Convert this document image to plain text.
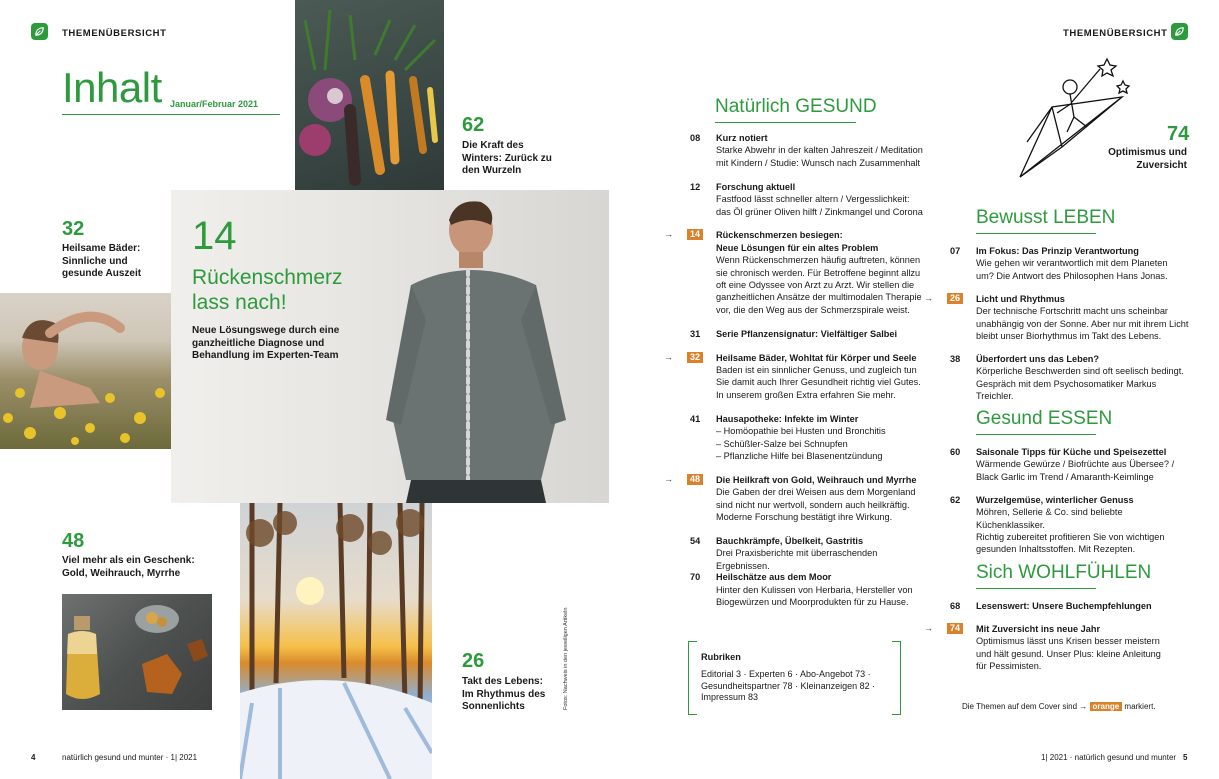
THEMENÜBERSICHT
Inhalt Januar/Februar 2021
62
Die Kraft des
Winters: Zurück zu
den Wurzeln
32
Heilsame Bäder:
Sinnliche und
gesunde Auszeit
14
Rückenschmerz
lass nach!
Neue Lösungswege durch eine
ganzheitliche Diagnose und
Behandlung im Experten-Team
48
Viel mehr als ein Geschenk:
Gold, Weihrauch, Myrrhe
26
Takt des Lebens:
Im Rhythmus des
Sonnenlichts	Fotos: Nachweis in den jeweiligen Artikeln
4	natürlich gesund und munter · 1| 2021
Natürlich GESUND
08	Kurz notiert
Starke Abwehr in der kalten Jahreszeit / Meditation
mit Kindern / Studie: Wunsch nach Zusammenhalt
12	Forschung aktuell
Fastfood lässt schneller altern / Vergesslichkeit:
das Öl grüner Oliven hilft / Zinkmangel und Corona
→	14	Rückenschmerzen besiegen:
Neue Lösungen für ein altes Problem
Wenn Rückenschmerzen häufig auftreten, können
sie chronisch werden. Für Betroffene beginnt allzu
oft eine Odyssee von Arzt zu Arzt. Wir stellen die
ganzheitlichen Ansätze der multimodalen Therapie
vor, die den Weg aus der Schmerzspirale weist.
31	Serie Pflanzensignatur: Vielfältiger Salbei
→	32	Heilsame Bäder, Wohltat für Körper und Seele
Baden ist ein sinnlicher Genuss, und zugleich tun
Sie damit auch Ihrer Gesundheit richtig viel Gutes.
In unserem großen Extra erfahren Sie mehr.
41	Hausapotheke: Infekte im Winter
– Homöopathie bei Husten und Bronchitis
– Schüßler-Salze bei Schnupfen
– Pflanzliche Hilfe bei Blasenentzündung
→	48	Die Heilkraft von Gold, Weihrauch und Myrrhe
Die Gaben der drei Weisen aus dem Morgenland
sind nicht nur wertvoll, sondern auch heilkräftig.
Moderne Forschung bestätigt ihre Wirkung.
54	Bauchkrämpfe, Übelkeit, Gastritis
Drei Praxisberichte mit überraschenden Ergebnissen.
70	Heilschätze aus dem Moor
Hinter den Kulissen von Herbaria, Hersteller von
Biogewürzen und Moorprodukten für zu Hause.
Rubriken
Editorial 3 · Experten 6 · Abo-Angebot 73 ·
Gesundheitspartner 78 · Kleinanzeigen 82 ·
Impressum 83
THEMENÜBERSICHT
74
Optimismus und
Zuversicht
Bewusst LEBEN
07	Im Fokus: Das Prinzip Verantwortung
Wie gehen wir verantwortlich mit dem Planeten
um? Die Antwort des Philosophen Hans Jonas.
→	26	Licht und Rhythmus
Der technische Fortschritt macht uns scheinbar
unabhängig von der Sonne. Aber nur mit ihrem Licht
bleibt unser Biorhythmus im Takt des Lebens.
38	Überfordert uns das Leben?
Körperliche Beschwerden sind oft seelisch bedingt.
Gespräch mit dem Psychosomatiker Markus Treichler.
Gesund ESSEN
60	Saisonale Tipps für Küche und Speisezettel
Wärmende Gewürze / Biofrüchte aus Übersee? /
Black Garlic im Trend / Amaranth-Keimlinge
62	Wurzelgemüse, winterlicher Genuss
Möhren, Sellerie & Co. sind beliebte Küchenklassiker.
Richtig zubereitet profitieren Sie von wichtigen
gesunden Inhaltsstoffen. Mit Rezepten.
Sich WOHLFÜHLEN
68	Lesenswert: Unsere Buchempfehlungen
→	74	Mit Zuversicht ins neue Jahr
Optimismus lässt uns Krisen besser meistern
und hält gesund. Unser Plus: kleine Anleitung
für Pessimisten.
Die Themen auf dem Cover sind → orange markiert.
1| 2021 · natürlich gesund und munter 5
